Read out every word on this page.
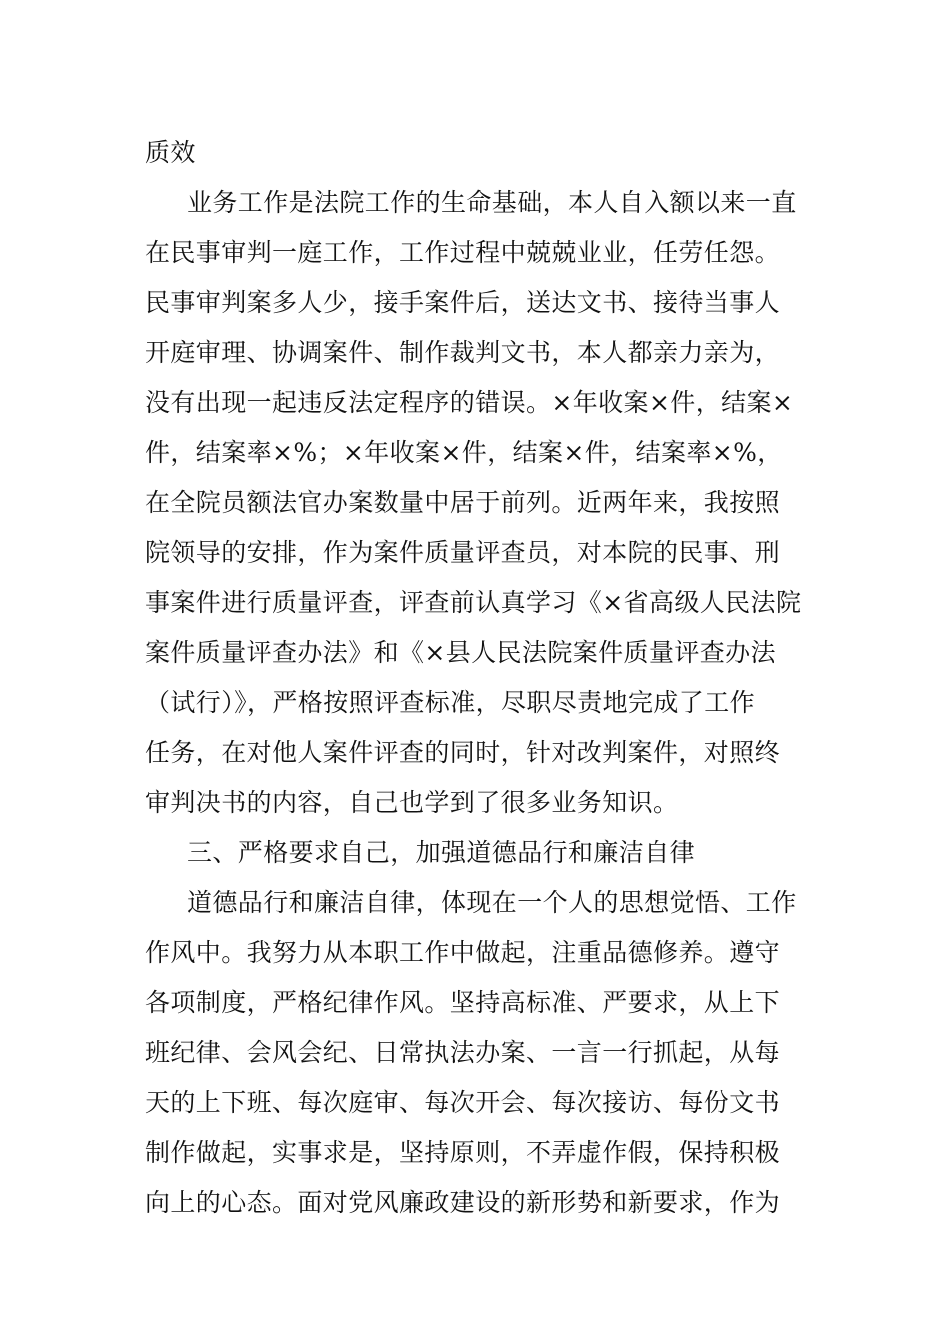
质效
业务工作是法院工作的生命基础，本人自入额以来一直
在民事审判一庭工作，工作过程中兢兢业业，任劳任怨。
民事审判案多人少，接手案件后，送达文书、接待当事人
开庭审理、协调案件、制作裁判文书，本人都亲力亲为，
没有出现一起违反法定程序的错误。×年收案×件，结案×
件，结案率×%；×年收案×件，结案×件，结案率×%，
在全院员额法官办案数量中居于前列。近两年来，我按照
院领导的安排，作为案件质量评查员，对本院的民事、刑
事案件进行质量评查，评查前认真学习《×省高级人民法院
案件质量评查办法》和《×县人民法院案件质量评查办法
（试行）》，严格按照评查标准，尽职尽责地完成了工作
任务，在对他人案件评查的同时，针对改判案件，对照终
审判决书的内容，自己也学到了很多业务知识。
三、严格要求自己，加强道德品行和廉洁自律
道德品行和廉洁自律，体现在一个人的思想觉悟、工作
作风中。我努力从本职工作中做起，注重品德修养。遵守
各项制度，严格纪律作风。坚持高标准、严要求，从上下
班纪律、会风会纪、日常执法办案、一言一行抓起，从每
天的上下班、每次庭审、每次开会、每次接访、每份文书
制作做起，实事求是，坚持原则，不弄虚作假，保持积极
向上的心态。面对党风廉政建设的新形势和新要求，作为
